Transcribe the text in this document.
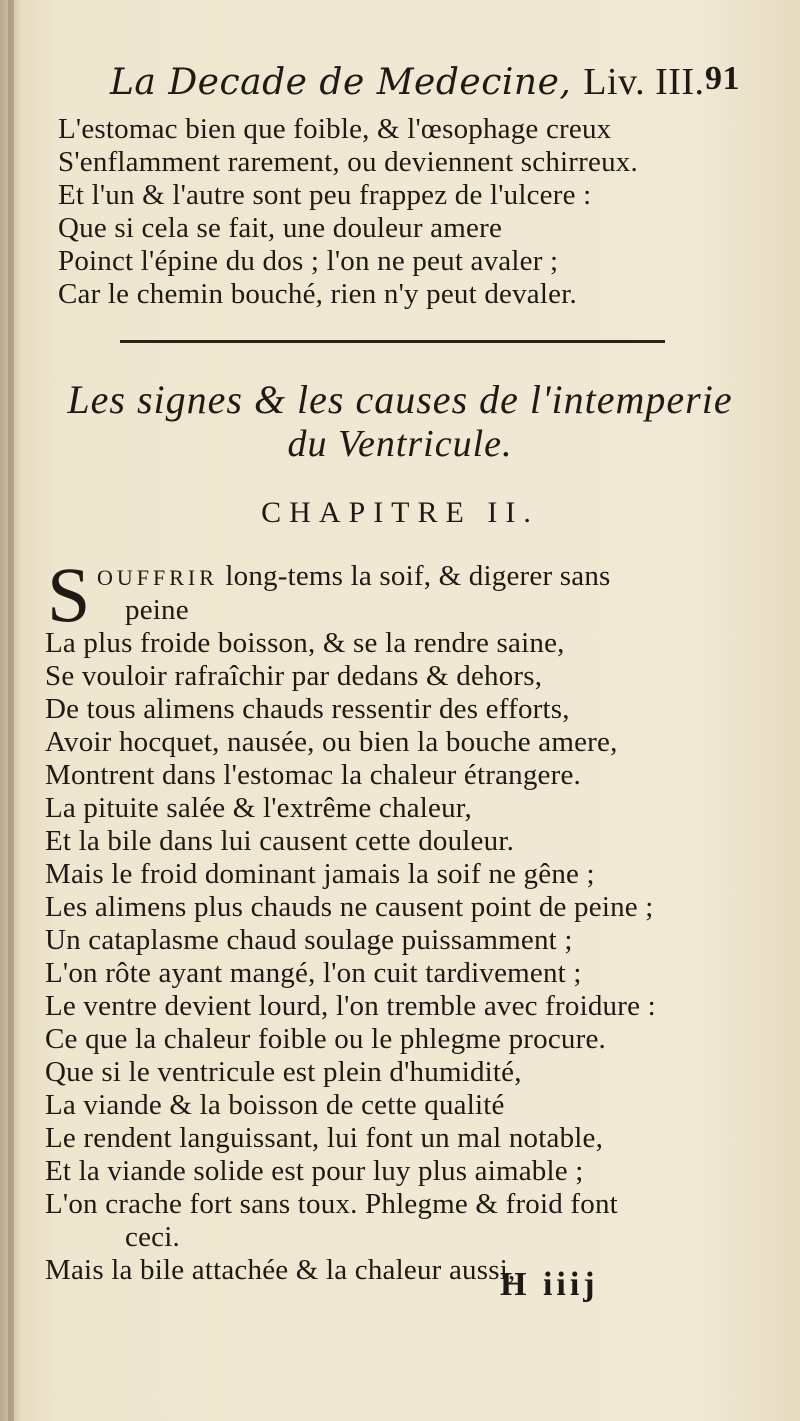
La Decade de Medecine, Liv. III. 91
L'estomac bien que foible, & l'œsophage creux
S'enflamment rarement, ou deviennent schirreux.
Et l'un & l'autre sont peu frappez de l'ulcere :
Que si cela se fait, une douleur amere
Poinct l'épine du dos ; l'on ne peut avaler ;
Car le chemin bouché, rien n'y peut devaler.
Les signes & les causes de l'intemperie
du Ventricule.
CHAPITRE II.
S OUFFRIR long-tems la soif, & digerer sans
peine
La plus froide boisson, & se la rendre saine,
Se vouloir rafraîchir par dedans & dehors,
De tous alimens chauds ressentir des efforts,
Avoir hocquet, nausée, ou bien la bouche amere,
Montrent dans l'estomac la chaleur étrangere.
La pituite salée & l'extrême chaleur,
Et la bile dans lui causent cette douleur.
Mais le froid dominant jamais la soif ne gêne ;
Les alimens plus chauds ne causent point de peine ;
Un cataplasme chaud soulage puissamment ;
L'on rôte ayant mangé, l'on cuit tardivement ;
Le ventre devient lourd, l'on tremble avec froidure :
Ce que la chaleur foible ou le phlegme procure.
Que si le ventricule est plein d'humidité,
La viande & la boisson de cette qualité
Le rendent languissant, lui font un mal notable,
Et la viande solide est pour luy plus aimable ;
L'on crache fort sans toux. Phlegme & froid font
ceci.
Mais la bile attachée & la chaleur aussi,
H iiij
